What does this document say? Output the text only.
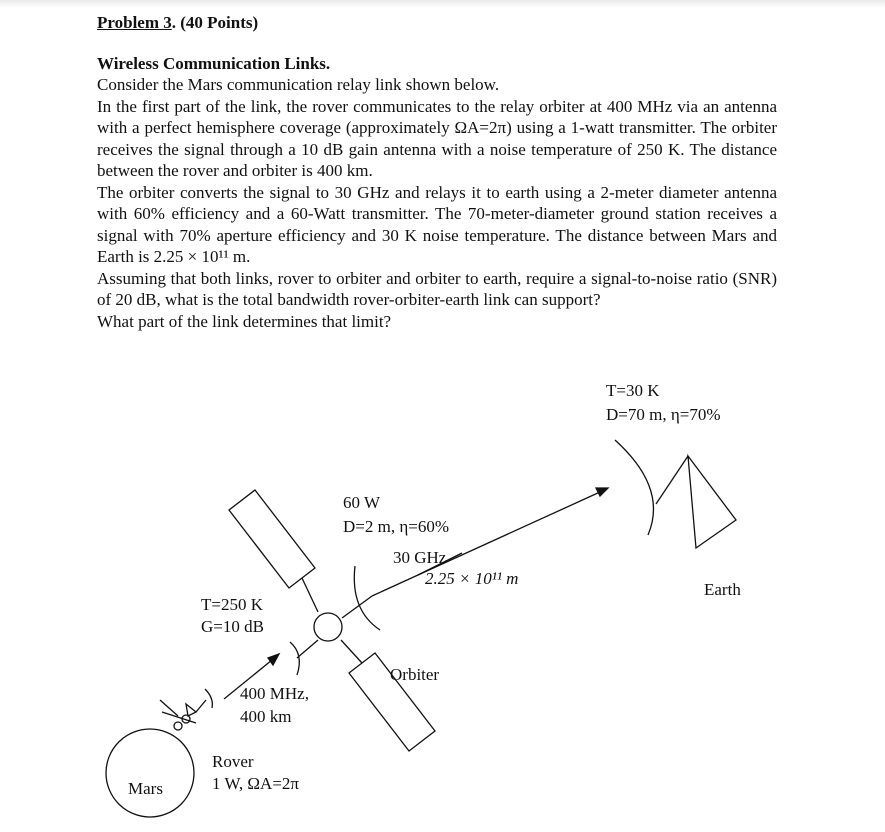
Problem 3. (40 Points)

Wireless Communication Links.

Consider the Mars communication relay link shown below.

In the first part of the link, the rover communicates to the relay orbiter at 400 MHz via an antenna with a perfect hemisphere coverage (approximately ΩA=2π) using a 1-watt transmitter. The orbiter receives the signal through a 10 dB gain antenna with a noise temperature of 250 K. The distance between the rover and orbiter is 400 km.

The orbiter converts the signal to 30 GHz and relays it to earth using a 2-meter diameter antenna with 60% efficiency and a 60-Watt transmitter. The 70-meter-diameter ground station receives a signal with 70% aperture efficiency and 30 K noise temperature. The distance between Mars and Earth is 2.25 × 10¹¹ m.

Assuming that both links, rover to orbiter and orbiter to earth, require a signal-to-noise ratio (SNR) of 20 dB, what is the total bandwidth rover-orbiter-earth link can support?

What part of the link determines that limit?

T=30 K
D=70 m, η=70%
Earth
60 W
D=2 m, η=60%
30 GHz
2.25 × 10¹¹ m
T=250 K
G=10 dB
Orbiter
400 MHz,
400 km
Rover
1 W, ΩA=2π
Mars
